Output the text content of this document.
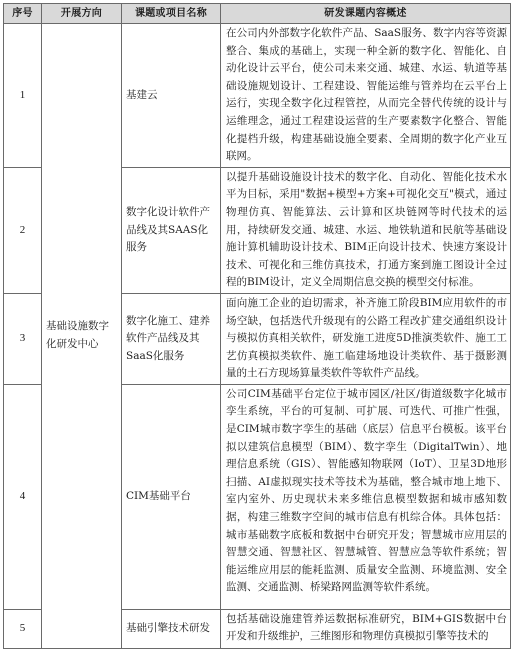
序号	开展方向	课题或项目名称	研发课题内容概述
1	基础设施数字化研发中心	基建云	在公司内外部数字化软件产品、SaaS服务、数字内容等资源整合、集成的基础上，实现一种全新的数字化、智能化、自动化设计云平台，使公司未来交通、城建、水运、轨道等基础设施规划设计、工程建设、智能运维与管养均在云平台上运行，实现全数字化过程管控，从而完全替代传统的设计与运维理念，通过工程建设运营的生产要素数字化整合、智能化提档升级，构建基础设施全要素、全周期的数字化产业互联网。

2		数字化设计软件产品线及其SAAS化服务	以提升基础设施设计技术的数字化、自动化、智能化技术水平为目标，采用"数据+模型+方案+可视化交互"模式，通过物理仿真、智能算法、云计算和区块链网等时代技术的运用，持续研发交通、城建、水运、地铁轨道和民航等基础设施计算机辅助设计技术、BIM正向设计技术、快速方案设计技术、可视化和三维仿真技术，打通方案到施工图设计全过程的BIM设计，定义全周期信息交换的模型交付标准。

3		数字化施工、建养软件产品线及其SaaS化服务	面向施工企业的迫切需求，补齐施工阶段BIM应用软件的市场空缺，包括迭代升级现有的公路工程改扩建交通组织设计与模拟仿真相关软件，研发施工进度5D推演类软件、施工工艺仿真模拟类软件、施工临建场地设计类软件、基于摄影测量的土石方现场算量类软件等软件产品线。

4		CIM基础平台	公司CIM基础平台定位于城市园区/社区/街道级数字化城市孪生系统，平台的可复制、可扩展、可迭代、可推广性强，是CIM城市数字孪生的基础（底层）信息平台模板。该平台拟以建筑信息模型（BIM）、数字孪生（DigitalTwin）、地理信息系统（GIS）、智能感知物联网（IoT）、卫星3D地形扫描、AI虚拟现实技术等技术为基础，整合城市地上地下、室内室外、历史现状未来多维信息模型数据和城市感知数据，构建三维数字空间的城市信息有机综合体。具体包括：城市基础数字底板和数据中台研究开发；智慧城市应用层的智慧交通、智慧社区、智慧城管、智慧应急等软件系统；智能运维应用层的能耗监测、质量安全监测、环境监测、安全监测、交通监测、桥梁路网监测等软件系统。

5		基础引擎技术研发	包括基础设施建管养运数据标准研究，BIM+GIS数据中台开发和升级维护，三维图形和物理仿真模拟引擎等技术的
